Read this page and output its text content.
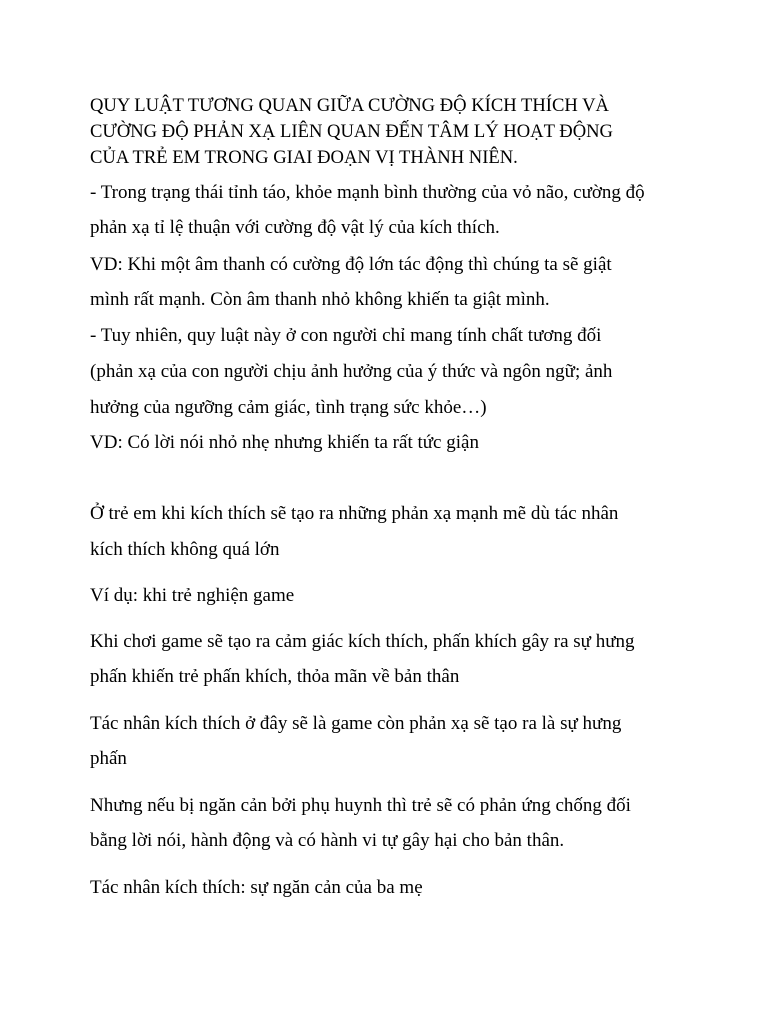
QUY LUẬT TƯƠNG QUAN GIỮA CƯỜNG ĐỘ KÍCH THÍCH VÀ

CƯỜNG ĐỘ PHẢN XẠ LIÊN QUAN ĐẾN TÂM LÝ HOẠT ĐỘNG

CỦA TRẺ EM TRONG GIAI ĐOẠN VỊ THÀNH NIÊN.

- Trong trạng thái tỉnh táo, khỏe mạnh bình thường của vỏ não, cường độ

phản xạ tỉ lệ thuận với cường độ vật lý của kích thích.

VD: Khi một âm thanh có cường độ lớn tác động thì chúng ta sẽ giật

mình rất mạnh. Còn âm thanh nhỏ không khiến ta giật mình.

- Tuy nhiên, quy luật này ở con người chỉ mang tính chất tương đối

(phản xạ của con người chịu ảnh hưởng của ý thức và ngôn ngữ; ảnh

hưởng của ngưỡng cảm giác, tình trạng sức khỏe…)

VD: Có lời nói nhỏ nhẹ nhưng khiến ta rất tức giận

Ở trẻ em khi kích thích sẽ tạo ra những phản xạ mạnh mẽ dù tác nhân

kích thích không quá lớn

Ví dụ: khi trẻ nghiện game

Khi chơi game sẽ tạo ra cảm giác kích thích, phấn khích gây ra sự hưng

phấn khiến trẻ phấn khích, thỏa mãn về bản thân

Tác nhân kích thích ở đây sẽ là game còn phản xạ sẽ tạo ra là sự hưng

phấn

Nhưng nếu bị ngăn cản bởi phụ huynh thì trẻ sẽ có phản ứng chống đối

bằng lời nói, hành động và có hành vi tự gây hại cho bản thân.

Tác nhân kích thích: sự ngăn cản của ba mẹ
